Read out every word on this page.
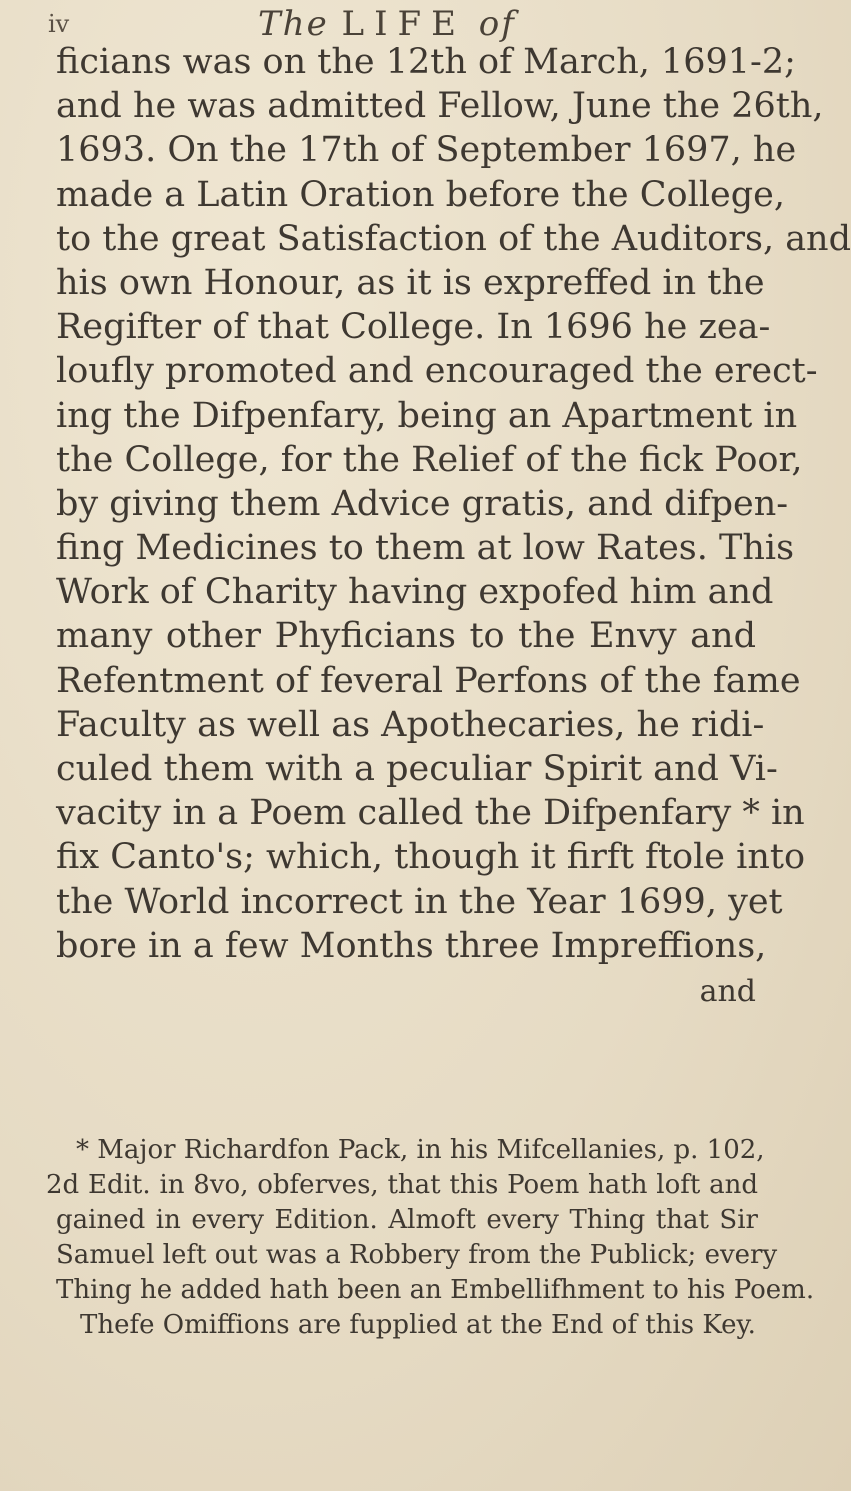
iv	The LIFE of
ficians was on the 12th of March, 1691-2;
and he was admitted Fellow, June the 26th,
1693. On the 17th of September 1697, he
made a Latin Oration before the College,
to the great Satisfaction of the Auditors, and
his own Honour, as it is expreffed in the
Regifter of that College. In 1696 he zea-
loufly promoted and encouraged the erect-
ing the Difpenfary, being an Apartment in
the College, for the Relief of the fick Poor,
by giving them Advice gratis, and difpen-
fing Medicines to them at low Rates. This
Work of Charity having expofed him and
many other Phyficians to the Envy and
Refentment of feveral Perfons of the fame
Faculty as well as Apothecaries, he ridi-
culed them with a peculiar Spirit and Vi-
vacity in a Poem called the Difpenfary * in
fix Canto's; which, though it firft ftole into
the World incorrect in the Year 1699, yet
bore in a few Months three Impreffions,
and
* Major Richardfon Pack, in his Mifcellanies, p. 102,
2d Edit. in 8vo, obferves, that this Poem hath loft and
gained in every Edition. Almoft every Thing that Sir
Samuel left out was a Robbery from the Publick; every
Thing he added hath been an Embellifhment to his Poem.
Thefe Omiffions are fupplied at the End of this Key.
